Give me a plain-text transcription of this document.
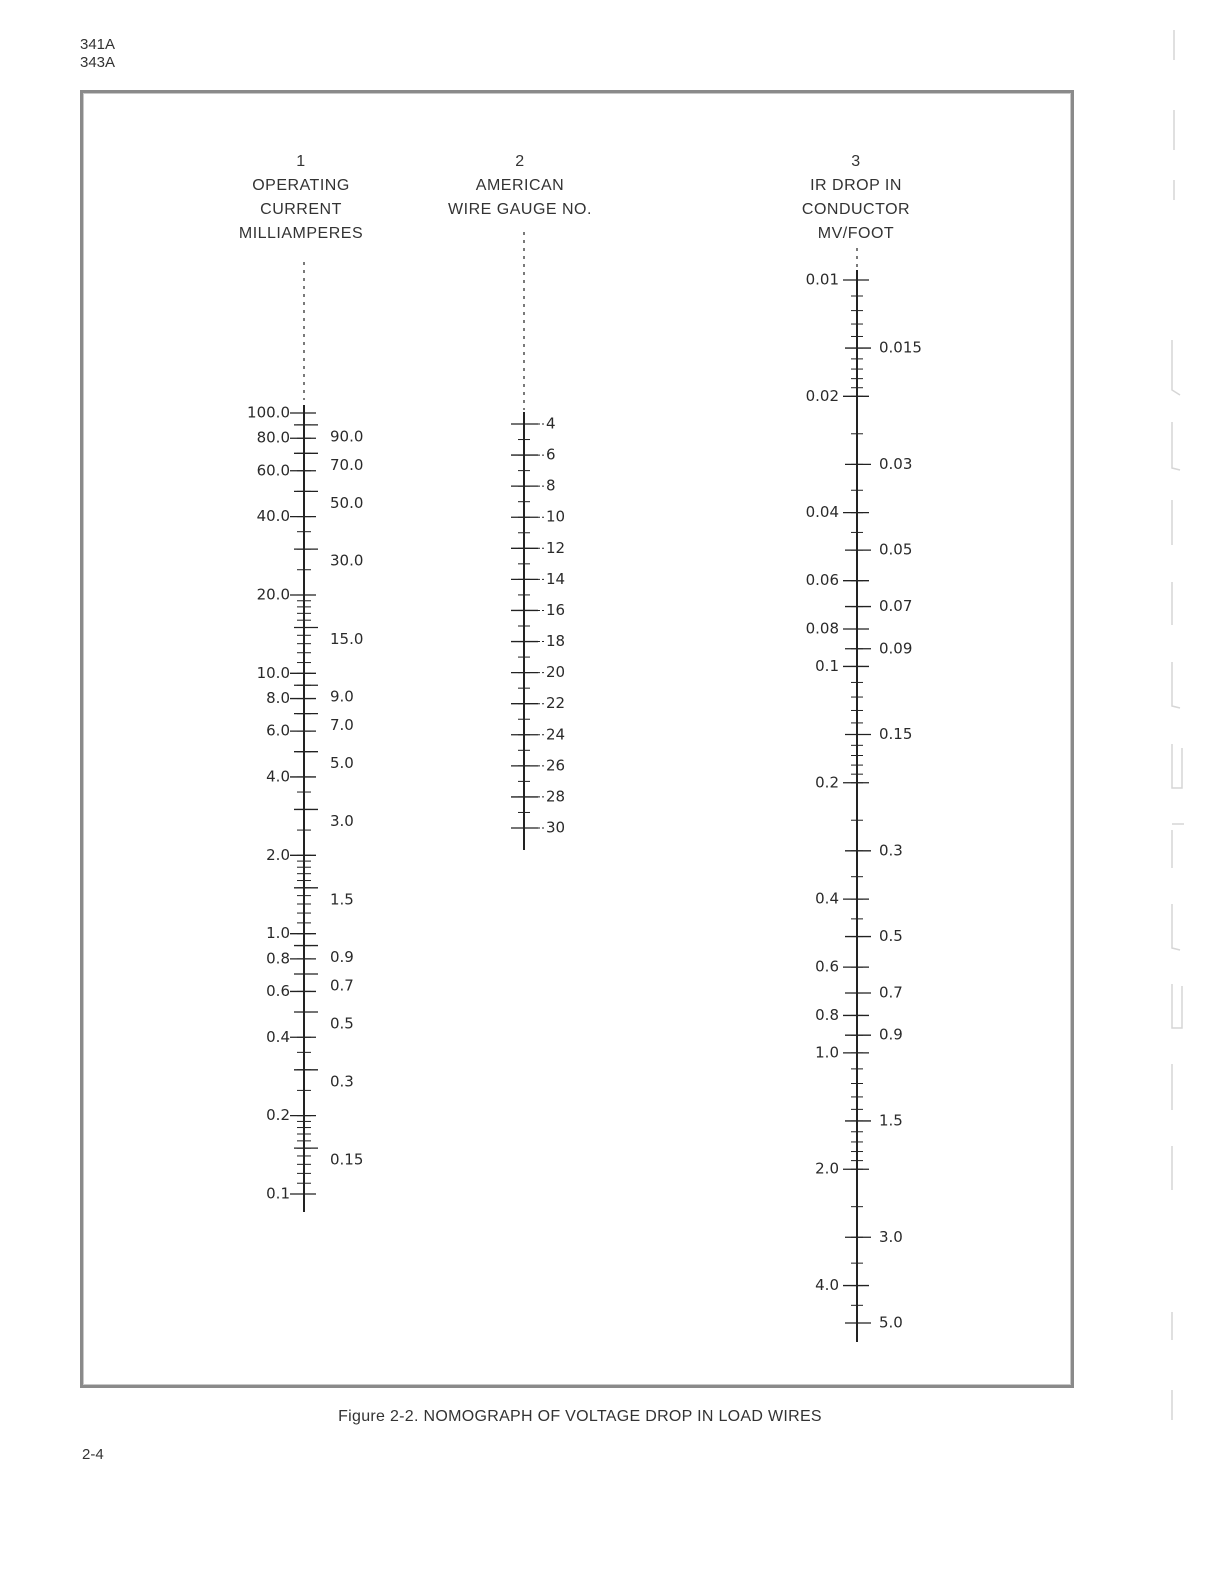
341A
343A
1
OPERATING
CURRENT
MILLIAMPERES
2
AMERICAN
WIRE GAUGE NO.
3
IR DROP IN
CONDUCTOR
MV/FOOT
100.0
80.0
60.0
40.0
20.0
10.0
8.0
6.0
4.0
2.0
1.0
0.8
0.6
0.4
0.2
0.1
90.0
70.0
50.0
30.0
15.0
9.0
7.0
5.0
3.0
1.5
0.9
0.7
0.5
0.3
0.15
4
6
8
10
12
14
16
18
20
22
24
26
28
30
0.01
0.02
0.04
0.06
0.08
0.1
0.2
0.4
0.6
0.8
1.0
2.0
4.0
0.015
0.03
0.05
0.07
0.09
0.15
0.3
0.5
0.7
0.9
1.5
3.0
5.0
Figure 2-2. NOMOGRAPH OF VOLTAGE DROP IN LOAD WIRES
2-4
